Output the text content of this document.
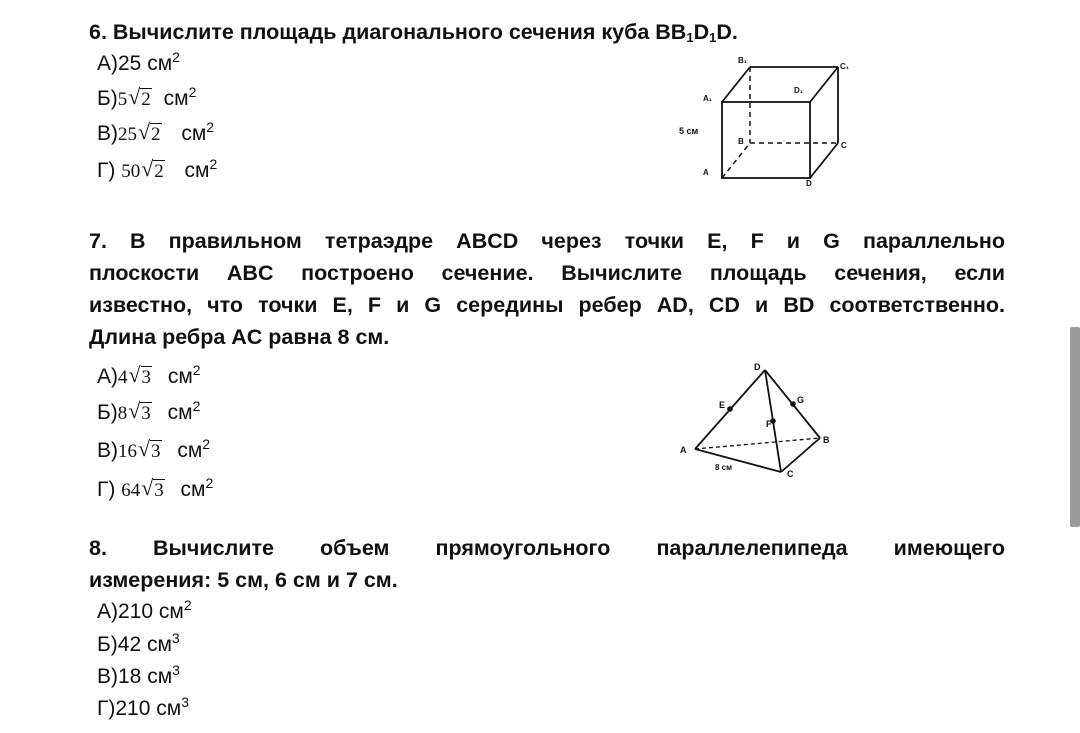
6. Вычислите площадь диагонального сечения куба $BB_1D_1D$.
А)25 $см^2$
Б)5 √ 2 $см^2$
В)25 √ 2 $см^2$
Г) 50 √ 2 $см^2$
B₁
C₁
A₁
D₁
B	C
A
D
5 см
7. В правильном тетраэдре ABCD через точки E, F и G параллельно
плоскости ABC построено сечение. Вычислите площадь сечения, если
известно, что точки E, F и G середины ребер AD, CD и BD соответственно.
Длина ребра AC равна 8 см.
А)4 √ 3 $см^2$
Б)8 √ 3 $см^2$
В)16 √ 3 $см^2$
Г) 64 √ 3 $см^2$
D
E	G
F
A
B
C
8 см
8. Вычислите объем прямоугольного параллелепипеда имеющего
измерения: 5 см, 6 см и 7 см.
А)210 $см^2$
Б)42 $см^3$
В)18 $см^3$
Г)210 $см^3$
